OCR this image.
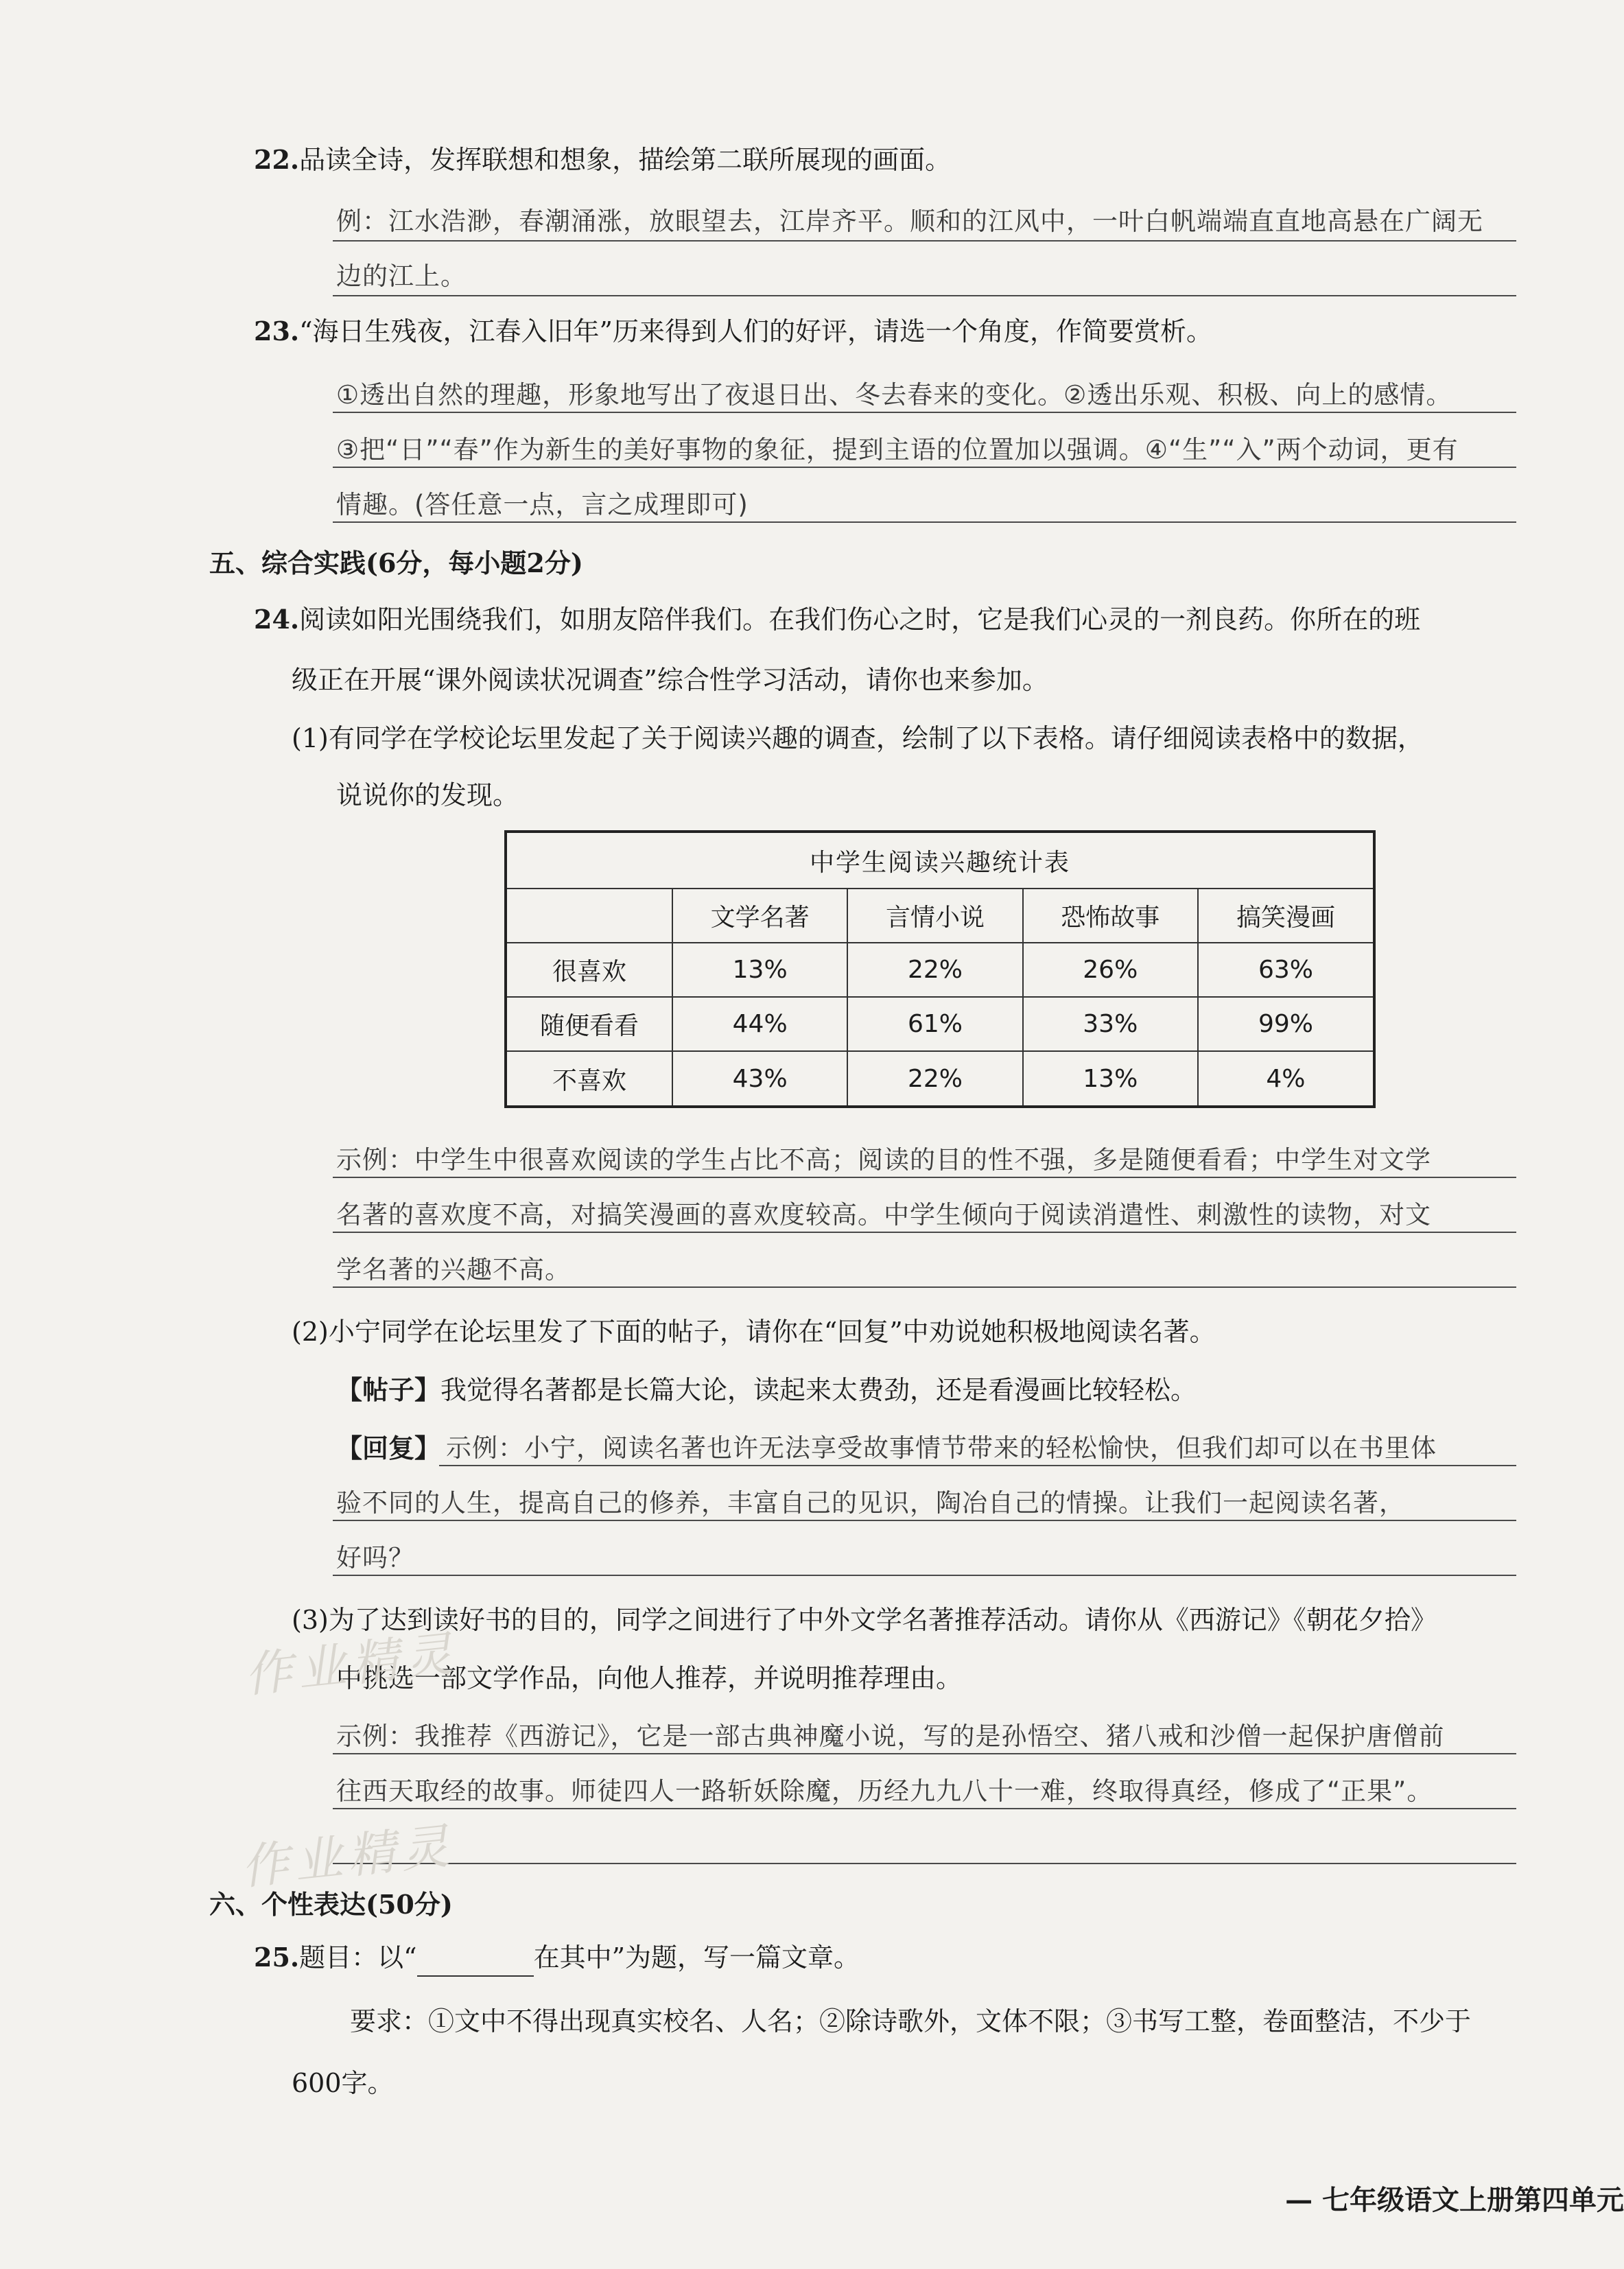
22.品读全诗，发挥联想和想象，描绘第二联所展现的画面。
例：江水浩渺，春潮涌涨，放眼望去，江岸齐平。顺和的江风中，一叶白帆端端直直地高悬在广阔无
边的江上。
23.“海日生残夜，江春入旧年”历来得到人们的好评，请选一个角度，作简要赏析。
①透出自然的理趣，形象地写出了夜退日出、冬去春来的变化。②透出乐观、积极、向上的感情。
③把“日”“春”作为新生的美好事物的象征，提到主语的位置加以强调。④“生”“入”两个动词，更有
情趣。(答任意一点，言之成理即可)
五、综合实践(6分，每小题2分)
24.阅读如阳光围绕我们，如朋友陪伴我们。在我们伤心之时，它是我们心灵的一剂良药。你所在的班
级正在开展“课外阅读状况调查”综合性学习活动，请你也来参加。
(1)有同学在学校论坛里发起了关于阅读兴趣的调查，绘制了以下表格。请仔细阅读表格中的数据，
说说你的发现。
中学生阅读兴趣统计表				
	文学名著	言情小说	恐怖故事	搞笑漫画
很喜欢	13%	22%	26%	63%
随便看看	44%	61%	33%	99%
不喜欢	43%	22%	13%	4%
示例：中学生中很喜欢阅读的学生占比不高；阅读的目的性不强，多是随便看看；中学生对文学
名著的喜欢度不高，对搞笑漫画的喜欢度较高。中学生倾向于阅读消遣性、刺激性的读物，对文
学名著的兴趣不高。
(2)小宁同学在论坛里发了下面的帖子，请你在“回复”中劝说她积极地阅读名著。
【帖子】我觉得名著都是长篇大论，读起来太费劲，还是看漫画比较轻松。
【回复】 示例：小宁，阅读名著也许无法享受故事情节带来的轻松愉快，但我们却可以在书里体
验不同的人生，提高自己的修养，丰富自己的见识，陶冶自己的情操。让我们一起阅读名著，
好吗？
(3)为了达到读好书的目的，同学之间进行了中外文学名著推荐活动。请你从《西游记》《朝花夕拾》
中挑选一部文学作品，向他人推荐，并说明推荐理由。
示例：我推荐《西游记》，它是一部古典神魔小说，写的是孙悟空、猪八戒和沙僧一起保护唐僧前
往西天取经的故事。师徒四人一路斩妖除魔，历经九九八十一难，终取得真经，修成了“正果”。
作业精灵
作业精灵
六、个性表达(50分)
25.题目：以“	在其中”为题，写一篇文章。
要求：①文中不得出现真实校名、人名；②除诗歌外，文体不限；③书写工整，卷面整洁，不少于
600字。
— 七年级语文上册第四单元
